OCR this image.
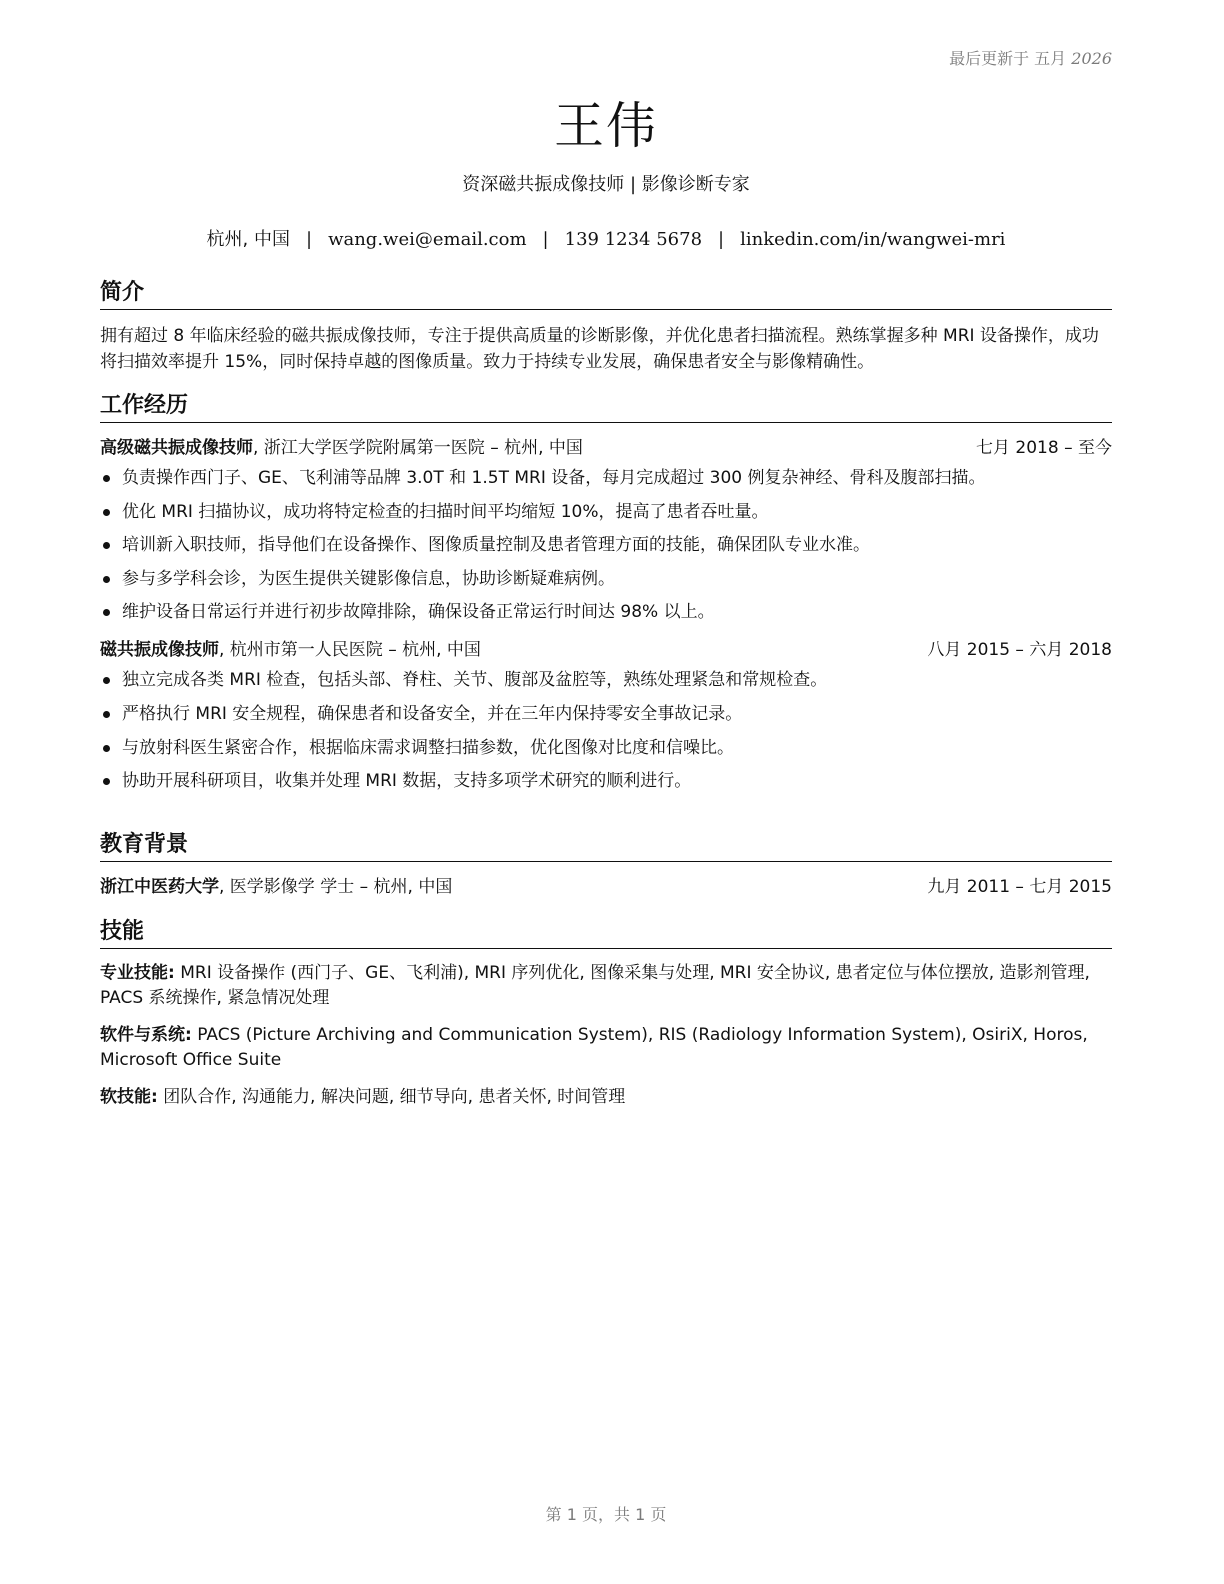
最后更新于 五月 2026
王伟
资深磁共振成像技师 | 影像诊断专家
杭州, 中国 | wang.wei@email.com | 139 1234 5678 | linkedin.com/in/wangwei-mri
简介
拥有超过 8 年临床经验的磁共振成像技师，专注于提供高质量的诊断影像，并优化患者扫描流程。熟练掌握多种 MRI 设备操作，成功将扫描效率提升 15%，同时保持卓越的图像质量。致力于持续专业发展，确保患者安全与影像精确性。
工作经历
高级磁共振成像技师, 浙江大学医学院附属第一医院 – 杭州, 中国	七月 2018 – 至今
负责操作西门子、GE、飞利浦等品牌 3.0T 和 1.5T MRI 设备，每月完成超过 300 例复杂神经、骨科及腹部扫描。
优化 MRI 扫描协议，成功将特定检查的扫描时间平均缩短 10%，提高了患者吞吐量。
培训新入职技师，指导他们在设备操作、图像质量控制及患者管理方面的技能，确保团队专业水准。
参与多学科会诊，为医生提供关键影像信息，协助诊断疑难病例。
维护设备日常运行并进行初步故障排除，确保设备正常运行时间达 98% 以上。
磁共振成像技师, 杭州市第一人民医院 – 杭州, 中国	八月 2015 – 六月 2018
独立完成各类 MRI 检查，包括头部、脊柱、关节、腹部及盆腔等，熟练处理紧急和常规检查。
严格执行 MRI 安全规程，确保患者和设备安全，并在三年内保持零安全事故记录。
与放射科医生紧密合作，根据临床需求调整扫描参数，优化图像对比度和信噪比。
协助开展科研项目，收集并处理 MRI 数据，支持多项学术研究的顺利进行。
教育背景
浙江中医药大学, 医学影像学 学士 – 杭州, 中国	九月 2011 – 七月 2015
技能
专业技能: MRI 设备操作 (西门子、GE、飞利浦), MRI 序列优化, 图像采集与处理, MRI 安全协议, 患者定位与体位摆放, 造影剂管理, PACS 系统操作, 紧急情况处理
软件与系统: PACS (Picture Archiving and Communication System), RIS (Radiology Information System), OsiriX, Horos, Microsoft Office Suite
软技能: 团队合作, 沟通能力, 解决问题, 细节导向, 患者关怀, 时间管理
第 1 页，共 1 页
